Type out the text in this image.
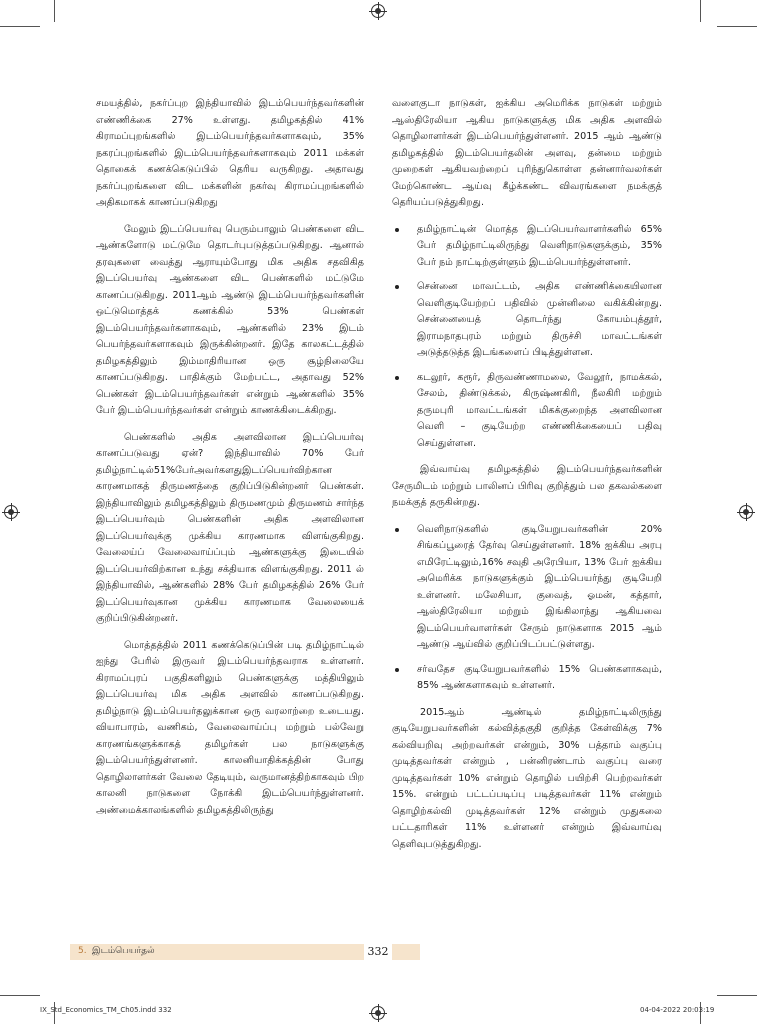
சமயத்தில், நகர்ப்புற இந்தியாவில் இடம்பெயர்ந்தவர்களின் எண்ணிக்கை 27% உள்ளது. தமிழகத்தில் 41% கிராமப்புறங்களில் இடம்பெயர்ந்தவர்களாகவும், 35% நகரப்புறங்களில் இடம்பெயர்ந்தவர்களாகவும் 2011 மக்கள் தொகைக் கணக்கெடுப்பில் தெரிய வருகிறது. அதாவது நகர்ப்புறங்களை விட மக்களின் நகர்வு கிராமப்புறங்களில் அதிகமாகக் காணப்படுகிறது

மேலும் இடப்பெயர்வு பெரும்பாலும் பெண்களை விட ஆண்களோடு மட்டுமே தொடர்புபடுத்தப்படுகிறது. ஆனால் தரவுகளை வைத்து ஆராயும்போது மிக அதிக சதவிகித இடப்பெயர்வு ஆண்களை விட பெண்களில் மட்டுமே காணப்படுகிறது. 2011ஆம் ஆண்டு இடம்பெயர்ந்தவர்களின் ஒட்டுமொத்தக் கணக்கில் 53% பெண்கள் இடம்பெயர்ந்தவர்களாகவும், ஆண்களில் 23% இடம் பெயர்ந்தவர்களாகவும் இருக்கின்றனர். இதே காலகட்டத்தில் தமிழகத்திலும் இம்மாதிரியான ஒரு சூழ்நிலையே காணப்படுகிறது. பாதிக்கும் மேற்பட்ட, அதாவது 52% பெண்கள் இடம்பெயர்ந்தவர்கள் என்றும் ஆண்களில் 35% பேர் இடம்பெயர்ந்தவர்கள் என்றும் காணக்கிடைக்கிறது.

பெண்களில் அதிக அளவிலான இடப்பெயர்வு காணப்படுவது ஏன்? இந்தியாவில் 70% பேர் தமிழ்நாட்டில்51%பேர்அவர்களதுஇடப்பெயர்விற்கான காரணமாகத் திருமணத்தை குறிப்பிடுகின்றனர் பெண்கள். இந்தியாவிலும் தமிழகத்திலும் திருமணமும் திருமணம் சார்ந்த இடப்பெயர்வும் பெண்களின் அதிக அளவிலான இடப்பெயர்வுக்கு முக்கிய காரணமாக விளங்குகிறது. வேலைய்ப் வேலைவாய்ப்பும் ஆண்களுக்கு இடையில் இடப்பெயர்விற்கான உந்து சக்தியாக விளங்குகிறது. 2011 ல் இந்தியாவில், ஆண்களில் 28% பேர் தமிழகத்தில் 26% பேர் இடப்பெயர்வுகான முக்கிய காரணமாக வேலையைக் குறிப்பிடுகின்றனர்.

மொத்தத்தில் 2011 கணக்கெடுப்பின் படி தமிழ்நாட்டில் ஐந்து பேரில் இருவர் இடம்பெயர்ந்தவராக உள்ளனர். கிராமப்புரப் பகுதிகளிலும் பெண்களுக்கு மத்தியிலும் இடப்பெயர்வு மிக அதிக அளவில் காணப்படுகிறது. தமிழ்நாடு இடம்பெயர்தலுக்கான ஒரு வரலாற்றை உடையது. வியாபாரம், வணிகம், வேலைவாய்ப்பு மற்றும் பல்வேறு காரணங்களுக்காகத் தமிழர்கள் பல நாடுகளுக்கு இடம்பெயர்ந்துள்ளனர். காலனியாதிக்கத்தின் போது தொழிலாளர்கள் வேலை தேடியும், வருமானத்திற்காகவும் பிற காலனி நாடுகளை நோக்கி இடம்பெயர்ந்துள்ளனர். அண்மைக்காலங்களில் தமிழகத்திலிருந்து

வளைகுடா நாடுகள், ஐக்கிய அமெரிக்க நாடுகள் மற்றும் ஆஸ்திரேலியா ஆகிய நாடுகளுக்கு மிக அதிக அளவில் தொழிலாளர்கள் இடம்பெயர்ந்துள்ளனர். 2015 ஆம் ஆண்டு தமிழகத்தில் இடம்பெயர்தலின் அளவு, தன்மை மற்றும் முறைகள் ஆகியவற்றைப் புரிந்துகொள்ள தன்னார்வலர்கள் மேற்கொண்ட ஆய்வு கீழ்க்கண்ட விவரங்களை நமக்குத் தெரியப்படுத்துகிறது.

தமிழ்நாட்டின் மொத்த இடப்பெயர்வாளர்களில் 65% பேர் தமிழ்நாட்டிலிருந்து வெளிநாடுகளுக்கும், 35% பேர் நம் நாட்டிற்குள்ளும் இடம்பெயர்ந்துள்ளனர்.
சென்னை மாவட்டம், அதிக எண்ணிக்கையிலான வெளிகுடியேற்றப் பதிவில் முன்னிலை வகிக்கின்றது. சென்னையைத் தொடர்ந்து கோயம்புத்தூர், இராமநாதபுரம் மற்றும் திருச்சி மாவட்டங்கள் அடுத்தடுத்த இடங்களைப் பிடித்துள்ளன.
கடலூர், கரூர், திருவண்ணாமலை, வேலூர், நாமக்கல், சேலம், திண்டுக்கல், கிருஷ்ணகிரி, நீலகிரி மற்றும் தருமபுரி மாவட்டங்கள் மிகக்குறைந்த அளவிலான வெளி – குடியேற்ற எண்ணிக்கையைப் பதிவு செய்துள்ளன.

இவ்வாய்வு தமிழகத்தில் இடம்பெயர்ந்தவர்களின் சேருமிடம் மற்றும் பாலினப் பிரிவு குறித்தும் பல தகவல்களை நமக்குத் தருகின்றது.

வெளிநாடுகளில் குடியேறுபவர்களின் 20% சிங்கப்பூரைத் தேர்வு செய்துள்ளனர். 18% ஐக்கிய அரபு எமிரேட்டிலும்,16% சவுதி அரேபியா, 13% பேர் ஐக்கிய அமெரிக்க நாடுகளுக்கும் இடம்பெயர்ந்து குடியேறி உள்ளனர். மலேசியா, குவைத், ஓமன், கத்தார், ஆஸ்திரேலியா மற்றும் இங்கிலாந்து ஆகியவை இடம்பெயர்வாளர்கள் சேரும் நாடுகளாக 2015 ஆம் ஆண்டு ஆய்வில் குறிப்பிடப்பட்டுள்ளது.
சர்வதேச குடியேறுபவர்களில் 15% பெண்களாகவும், 85% ஆண்களாகவும் உள்ளனர்.

2015ஆம் ஆண்டில் தமிழ்நாட்டிலிருந்து குடியேறுபவர்களின் கல்வித்தகுதி குறித்த கேள்விக்கு 7% கல்வியறிவு அற்றவர்கள் என்றும், 30% பத்தாம் வகுப்பு முடித்தவர்கள் என்றும் , பன்னிரண்டாம் வகுப்பு வரை முடித்தவர்கள் 10% என்றும் தொழில் பயிற்சி பெற்றவர்கள் 15%. என்றும் பட்டப்படிப்பு படித்தவர்கள் 11% என்றும் தொழிற்கல்வி முடித்தவர்கள் 12% என்றும் முதுகலை பட்டதாரிகள் 11% உள்ளனர் என்றும் இவ்வாய்வு தெளிவுபடுத்துகிறது.

5. இடம்பெயர்தல்	332
IX_Std_Economics_TM_Ch05.indd 332	04-04-2022 20:03:19
